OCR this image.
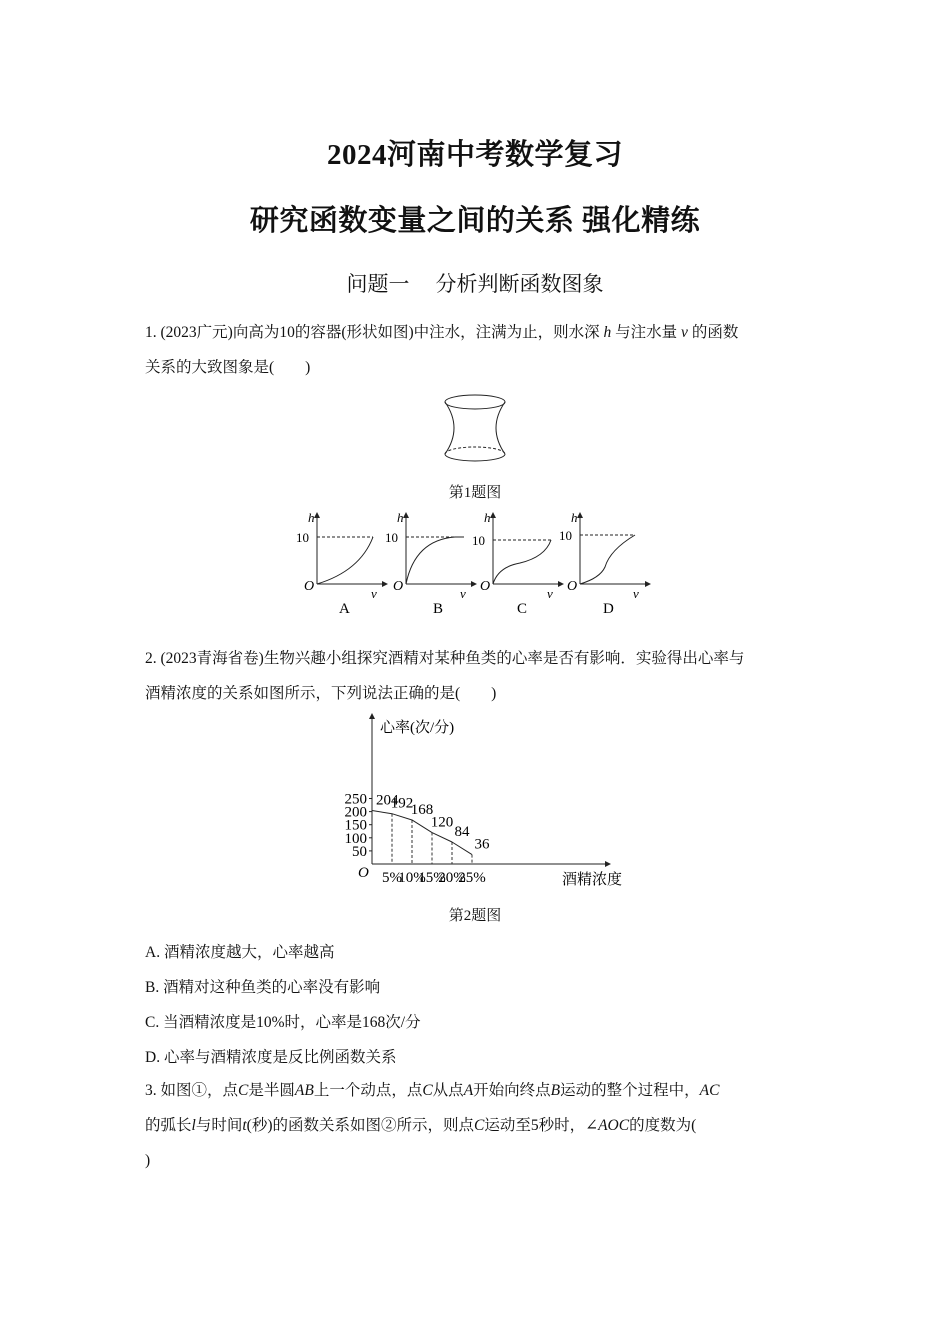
2024河南中考数学复习
研究函数变量之间的关系 强化精练
问题一 分析判断函数图象
1. (2023广元)向高为10的容器(形状如图)中注水，注满为止，则水深 h 与注水量 v 的函数
关系的大致图象是(　　)
第1题图
h
10
O	v
A
h
10
O	v
B
h
10
O	v
C
h
10
O	v
D
2. (2023青海省卷)生物兴趣小组探究酒精对某种鱼类的心率是否有影响．实验得出心率与
酒精浓度的关系如图所示，下列说法正确的是(　　)
50
100
150
200
250
5%
10%
15%
20%
25%
204
192
168
120
84
36
心率(次/分)
酒精浓度
O
第2题图
A. 酒精浓度越大，心率越高
B. 酒精对这种鱼类的心率没有影响
C. 当酒精浓度是10%时，心率是168次/分
D. 心率与酒精浓度是反比例函数关系
3. 如图①，点C是半圆AB上一个动点，点C从点A开始向终点B运动的整个过程中，AC
的弧长l与时间t(秒)的函数关系如图②所示，则点C运动至5秒时，∠AOC的度数为(
)
